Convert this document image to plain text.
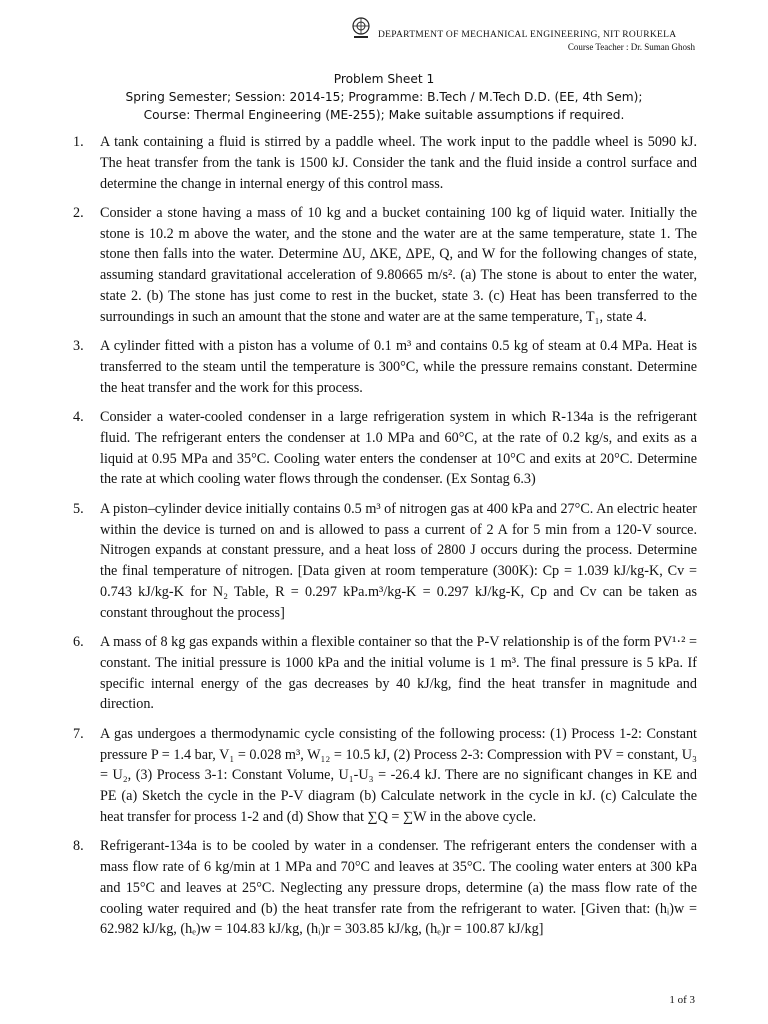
DEPARTMENT OF MECHANICAL ENGINEERING, NIT ROURKELA
Course Teacher : Dr. Suman Ghosh
Problem Sheet 1
Spring Semester; Session: 2014-15; Programme: B.Tech / M.Tech D.D. (EE, 4th Sem);
Course: Thermal Engineering (ME-255); Make suitable assumptions if required.
1. A tank containing a fluid is stirred by a paddle wheel. The work input to the paddle wheel is 5090 kJ. The heat transfer from the tank is 1500 kJ. Consider the tank and the fluid inside a control surface and determine the change in internal energy of this control mass.
2. Consider a stone having a mass of 10 kg and a bucket containing 100 kg of liquid water. Initially the stone is 10.2 m above the water, and the stone and the water are at the same temperature, state 1. The stone then falls into the water. Determine ΔU, ΔKE, ΔPE, Q, and W for the following changes of state, assuming standard gravitational acceleration of 9.80665 m/s². (a) The stone is about to enter the water, state 2. (b) The stone has just come to rest in the bucket, state 3. (c) Heat has been transferred to the surroundings in such an amount that the stone and water are at the same temperature, T₁, state 4.
3. A cylinder fitted with a piston has a volume of 0.1 m³ and contains 0.5 kg of steam at 0.4 MPa. Heat is transferred to the steam until the temperature is 300°C, while the pressure remains constant. Determine the heat transfer and the work for this process.
4. Consider a water-cooled condenser in a large refrigeration system in which R-134a is the refrigerant fluid. The refrigerant enters the condenser at 1.0 MPa and 60°C, at the rate of 0.2 kg/s, and exits as a liquid at 0.95 MPa and 35°C. Cooling water enters the condenser at 10°C and exits at 20°C. Determine the rate at which cooling water flows through the condenser. (Ex Sontag 6.3)
5. A piston–cylinder device initially contains 0.5 m³ of nitrogen gas at 400 kPa and 27°C. An electric heater within the device is turned on and is allowed to pass a current of 2 A for 5 min from a 120-V source. Nitrogen expands at constant pressure, and a heat loss of 2800 J occurs during the process. Determine the final temperature of nitrogen. [Data given at room temperature (300K): Cp = 1.039 kJ/kg-K, Cv = 0.743 kJ/kg-K for N₂ Table, R = 0.297 kPa.m³/kg-K = 0.297 kJ/kg-K, Cp and Cv can be taken as constant throughout the process]
6. A mass of 8 kg gas expands within a flexible container so that the P-V relationship is of the form PV¹·² = constant. The initial pressure is 1000 kPa and the initial volume is 1 m³. The final pressure is 5 kPa. If specific internal energy of the gas decreases by 40 kJ/kg, find the heat transfer in magnitude and direction.
7. A gas undergoes a thermodynamic cycle consisting of the following process: (1) Process 1-2: Constant pressure P = 1.4 bar, V₁ = 0.028 m³, W₁₂ = 10.5 kJ, (2) Process 2-3: Compression with PV = constant, U₃ = U₂, (3) Process 3-1: Constant Volume, U₁-U₃ = -26.4 kJ. There are no significant changes in KE and PE (a) Sketch the cycle in the P-V diagram (b) Calculate network in the cycle in kJ. (c) Calculate the heat transfer for process 1-2 and (d) Show that ∑Q = ∑W in the above cycle.
8. Refrigerant-134a is to be cooled by water in a condenser. The refrigerant enters the condenser with a mass flow rate of 6 kg/min at 1 MPa and 70°C and leaves at 35°C. The cooling water enters at 300 kPa and 15°C and leaves at 25°C. Neglecting any pressure drops, determine (a) the mass flow rate of the cooling water required and (b) the heat transfer rate from the refrigerant to water. [Given that: (hᵢ)w = 62.982 kJ/kg, (hₑ)w = 104.83 kJ/kg, (hᵢ)r = 303.85 kJ/kg, (hₑ)r = 100.87 kJ/kg]
1 of 3
